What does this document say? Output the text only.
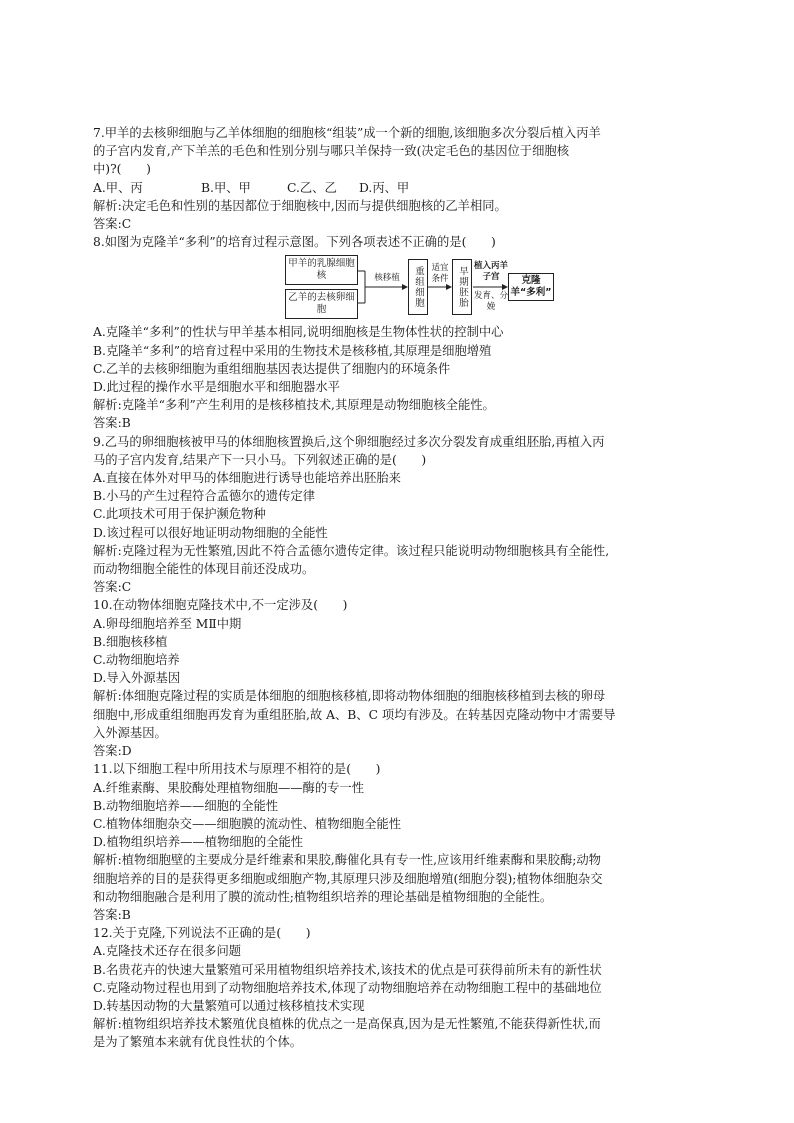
7.甲羊的去核卵细胞与乙羊体细胞的细胞核“组装”成一个新的细胞,该细胞多次分裂后植入丙羊
的子宫内发育,产下羊羔的毛色和性别分别与哪只羊保持一致(决定毛色的基因位于细胞核
中)?(　　)
A.甲、丙	B.甲、甲	C.乙、乙	D.丙、甲
解析:决定毛色和性别的基因都位于细胞核中,因而与提供细胞核的乙羊相同。
答案:C
8.如图为克隆羊“多利”的培育过程示意图。下列各项表述不正确的是(　　)
甲羊的乳腺细胞核
乙羊的去核卵细胞
核移植	重组细胞 适宜条件 早期胚胎 植入丙羊子宫
发育、分娩
克隆羊“多利”
A.克隆羊“多利”的性状与甲羊基本相同,说明细胞核是生物体性状的控制中心
B.克隆羊“多利”的培育过程中采用的生物技术是核移植,其原理是细胞增殖
C.乙羊的去核卵细胞为重组细胞基因表达提供了细胞内的环境条件
D.此过程的操作水平是细胞水平和细胞器水平
解析:克隆羊“多利”产生利用的是核移植技术,其原理是动物细胞核全能性。
答案:B
9.乙马的卵细胞核被甲马的体细胞核置换后,这个卵细胞经过多次分裂发育成重组胚胎,再植入丙
马的子宫内发育,结果产下一只小马。下列叙述正确的是(　　)
A.直接在体外对甲马的体细胞进行诱导也能培养出胚胎来
B.小马的产生过程符合孟德尔的遗传定律
C.此项技术可用于保护濒危物种
D.该过程可以很好地证明动物细胞的全能性
解析:克隆过程为无性繁殖,因此不符合孟德尔遗传定律。该过程只能说明动物细胞核具有全能性,
而动物细胞全能性的体现目前还没成功。
答案:C
10.在动物体细胞克隆技术中,不一定涉及(　　)
A.卵母细胞培养至 MⅡ中期
B.细胞核移植
C.动物细胞培养
D.导入外源基因
解析:体细胞克隆过程的实质是体细胞的细胞核移植,即将动物体细胞的细胞核移植到去核的卵母
细胞中,形成重组细胞再发育为重组胚胎,故 A、B、C 项均有涉及。在转基因克隆动物中才需要导
入外源基因。
答案:D
11.以下细胞工程中所用技术与原理不相符的是(　　)
A.纤维素酶、果胶酶处理植物细胞——酶的专一性
B.动物细胞培养——细胞的全能性
C.植物体细胞杂交——细胞膜的流动性、植物细胞全能性
D.植物组织培养——植物细胞的全能性
解析:植物细胞壁的主要成分是纤维素和果胶,酶催化具有专一性,应该用纤维素酶和果胶酶;动物
细胞培养的目的是获得更多细胞或细胞产物,其原理只涉及细胞增殖(细胞分裂);植物体细胞杂交
和动物细胞融合是利用了膜的流动性;植物组织培养的理论基础是植物细胞的全能性。
答案:B
12.关于克隆,下列说法不正确的是(　　)
A.克隆技术还存在很多问题
B.名贵花卉的快速大量繁殖可采用植物组织培养技术,该技术的优点是可获得前所未有的新性状
C.克隆动物过程也用到了动物细胞培养技术,体现了动物细胞培养在动物细胞工程中的基础地位
D.转基因动物的大量繁殖可以通过核移植技术实现
解析:植物组织培养技术繁殖优良植株的优点之一是高保真,因为是无性繁殖,不能获得新性状,而
是为了繁殖本来就有优良性状的个体。
